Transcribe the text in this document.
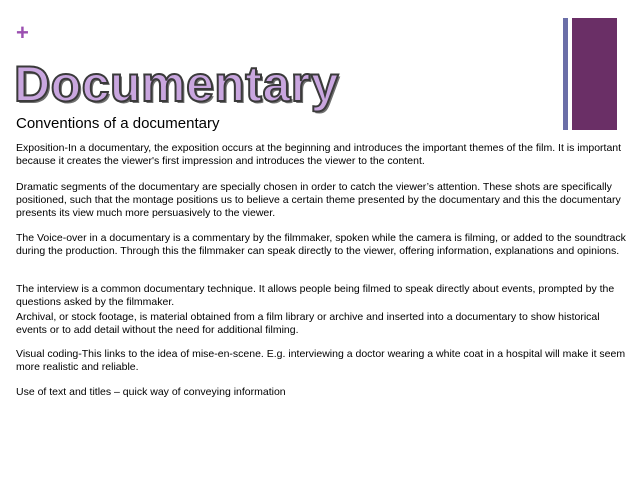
+
Documentary
Conventions of a documentary

Exposition-In a documentary, the exposition occurs at the beginning and introduces the important themes of the film. It is important because it creates the viewer's first impression and introduces the viewer to the content.

Dramatic segments of the documentary are specially chosen in order to catch the viewer’s attention. These shots are specifically positioned, such that the montage positions us to believe a certain theme presented by the documentary and this the documentary presents its view much more persuasively to the viewer.

The Voice-over in a documentary is a commentary by the filmmaker, spoken while the camera is filming, or added to the soundtrack during the production. Through this the filmmaker can speak directly to the viewer, offering information, explanations and opinions.

The interview is a common documentary technique. It allows people being filmed to speak directly about events, prompted by the questions asked by the filmmaker.

Archival, or stock footage, is material obtained from a film library or archive and inserted into a documentary to show historical events or to add detail without the need for additional filming.

Visual coding-This links to the idea of mise-en-scene. E.g. interviewing a doctor wearing a white coat in a hospital will make it seem more realistic and reliable.

Use of text and titles – quick way of conveying information
